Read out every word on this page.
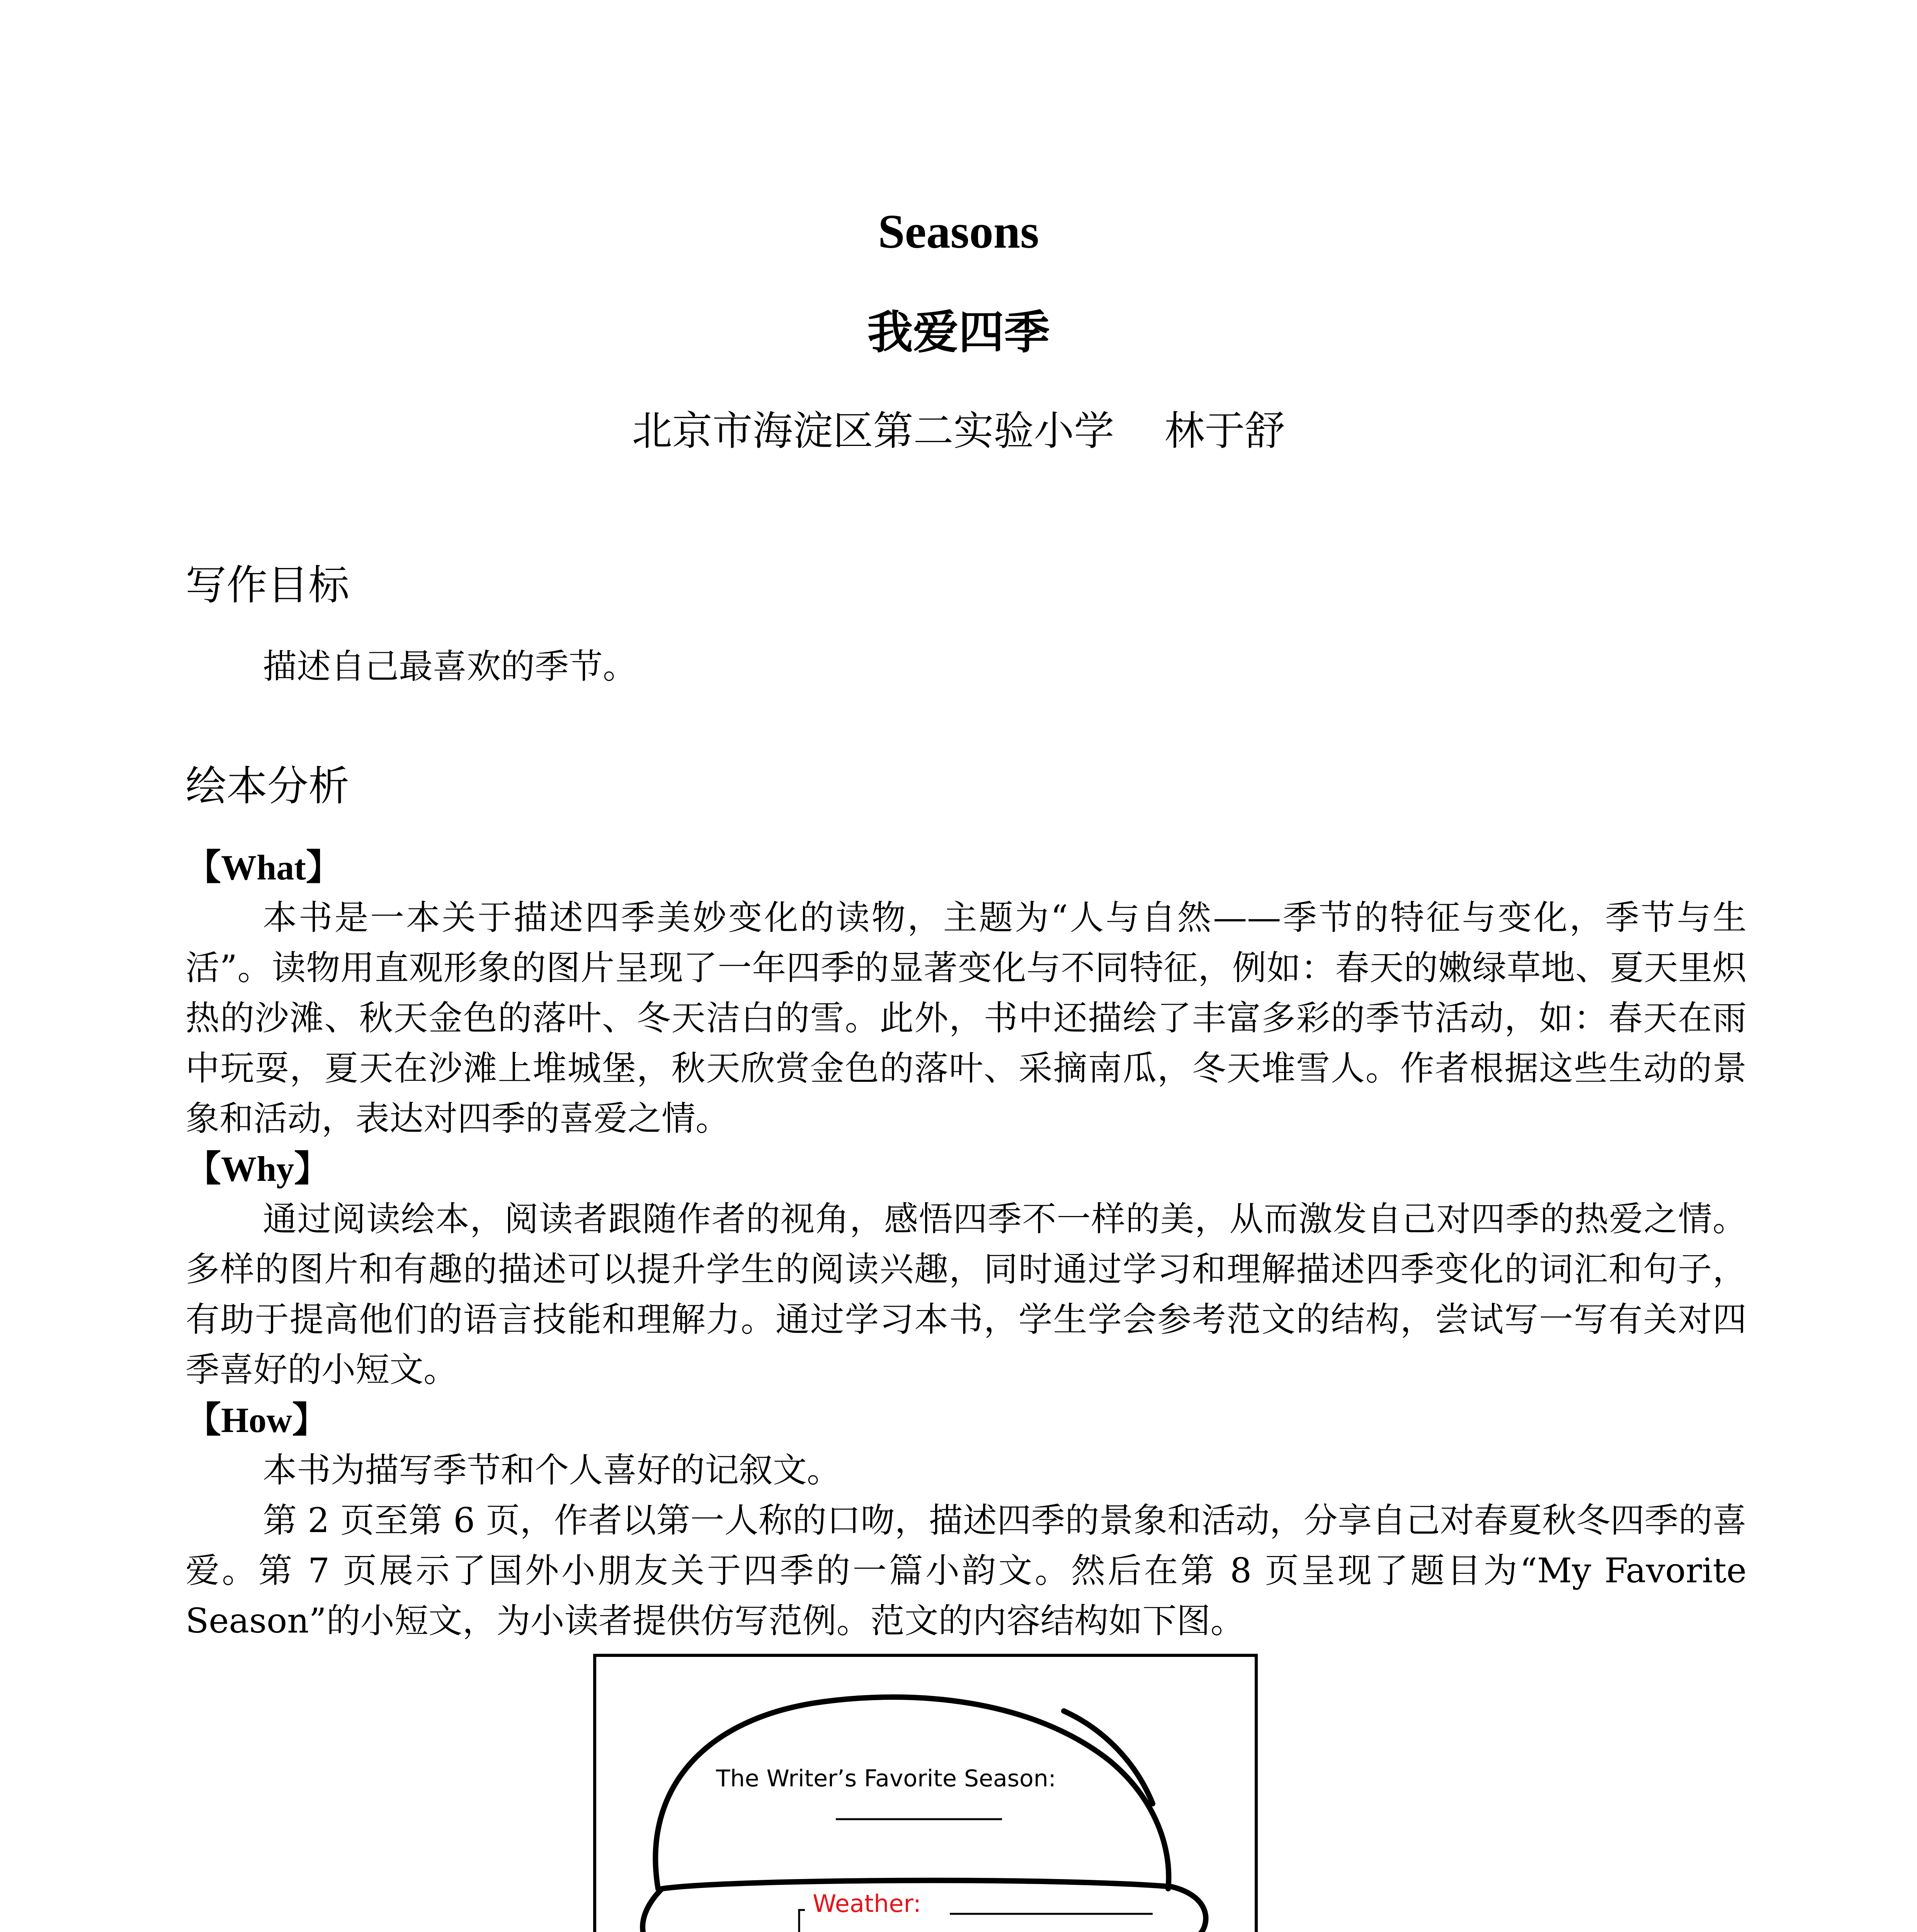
Seasons
我爱四季
北京市海淀区第二实验小学 林于舒
写作目标
描述自己最喜欢的季节。
绘本分析
【What】
本书是一本关于描述四季美妙变化的读物，主题为“人与自然——季节的特征与变化，季节与生活”。读物用直观形象的图片呈现了一年四季的显著变化与不同特征，例如：春天的嫩绿草地、夏天里炽热的沙滩、秋天金色的落叶、冬天洁白的雪。此外，书中还描绘了丰富多彩的季节活动，如：春天在雨中玩耍，夏天在沙滩上堆城堡，秋天欣赏金色的落叶、采摘南瓜，冬天堆雪人。作者根据这些生动的景象和活动，表达对四季的喜爱之情。
【Why】
通过阅读绘本，阅读者跟随作者的视角，感悟四季不一样的美，从而激发自己对四季的热爱之情。多样的图片和有趣的描述可以提升学生的阅读兴趣，同时通过学习和理解描述四季变化的词汇和句子，有助于提高他们的语言技能和理解力。通过学习本书，学生学会参考范文的结构，尝试写一写有关对四季喜好的小短文。
【How】
本书为描写季节和个人喜好的记叙文。
第 2 页至第 6 页，作者以第一人称的口吻，描述四季的景象和活动，分享自己对春夏秋冬四季的喜爱。第 7 页展示了国外小朋友关于四季的一篇小韵文。然后在第 8 页呈现了题目为“My Favorite Season”的小短文，为小读者提供仿写范例。范文的内容结构如下图。
The Writer’s Favorite Season:
Weather:
